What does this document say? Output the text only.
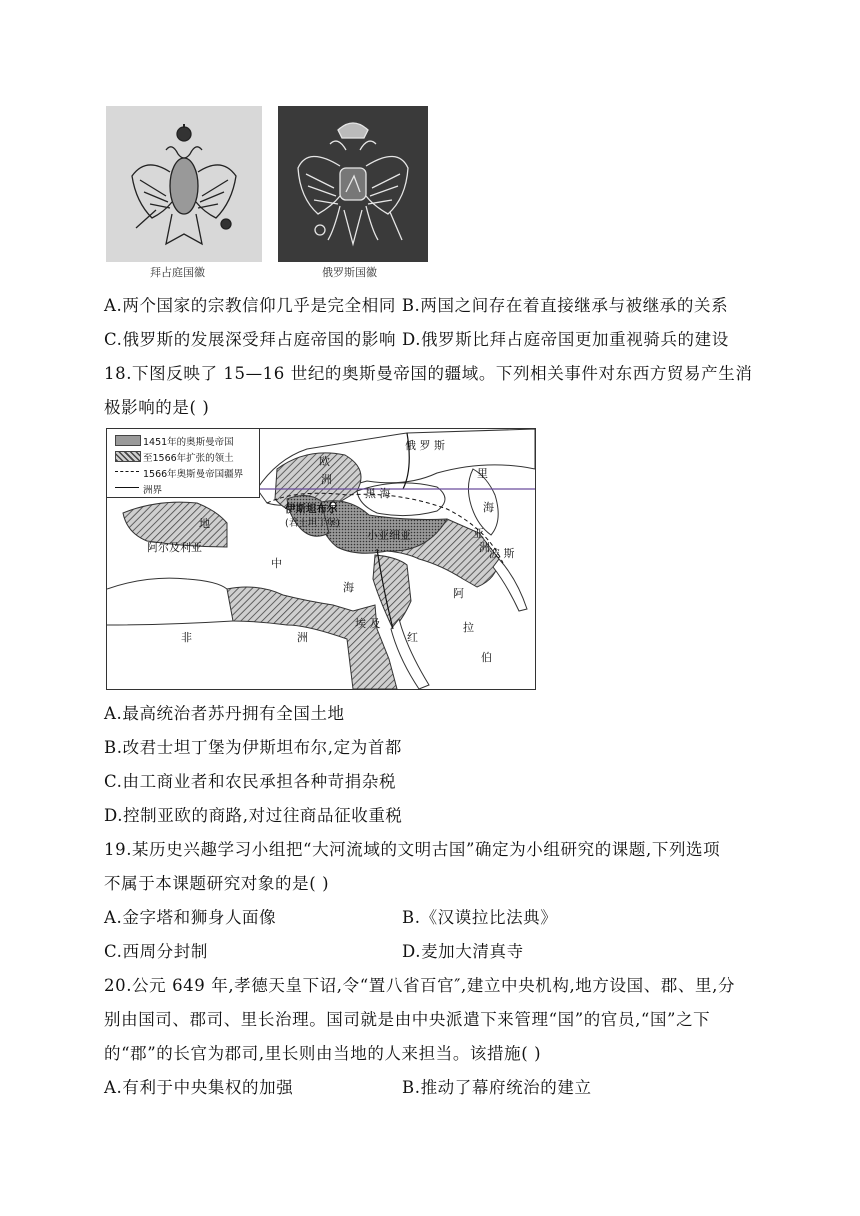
拜占庭国徽	俄罗斯国徽
A.两个国家的宗教信仰几乎是完全相同 B.两国之间存在着直接继承与被继承的关系
C.俄罗斯的发展深受拜占庭帝国的影响 D.俄罗斯比拜占庭帝国更加重视骑兵的建设
18.下图反映了 15—16 世纪的奥斯曼帝国的疆域。下列相关事件对东西方贸易产生消
极影响的是( )
1451年的奥斯曼帝国
至1566年扩张的领土
1566年奥斯曼帝国疆界
洲界
俄 罗 斯
欧
洲
黑 海
里
海
地
中
海
伊斯坦布尔
(君士坦丁堡)
小亚细亚	亚
洲
阿尔及利亚	波 斯
阿
拉
伯
非	洲
埃 及
红
A.最高统治者苏丹拥有全国土地
B.改君士坦丁堡为伊斯坦布尔,定为首都
C.由工商业者和农民承担各种苛捐杂税
D.控制亚欧的商路,对过往商品征收重税
19.某历史兴趣学习小组把“大河流域的文明古国”确定为小组研究的课题,下列选项
不属于本课题研究对象的是( )
A.金字塔和狮身人面像	B.《汉谟拉比法典》
C.西周分封制	D.麦加大清真寺
20.公元 649 年,孝德天皇下诏,令“置八省百官″,建立中央机构,地方设国、郡、里,分
别由国司、郡司、里长治理。国司就是由中央派遣下来管理“国”的官员,“国”之下
的“郡”的长官为郡司,里长则由当地的人来担当。该措施( )
A.有利于中央集权的加强	B.推动了幕府统治的建立
